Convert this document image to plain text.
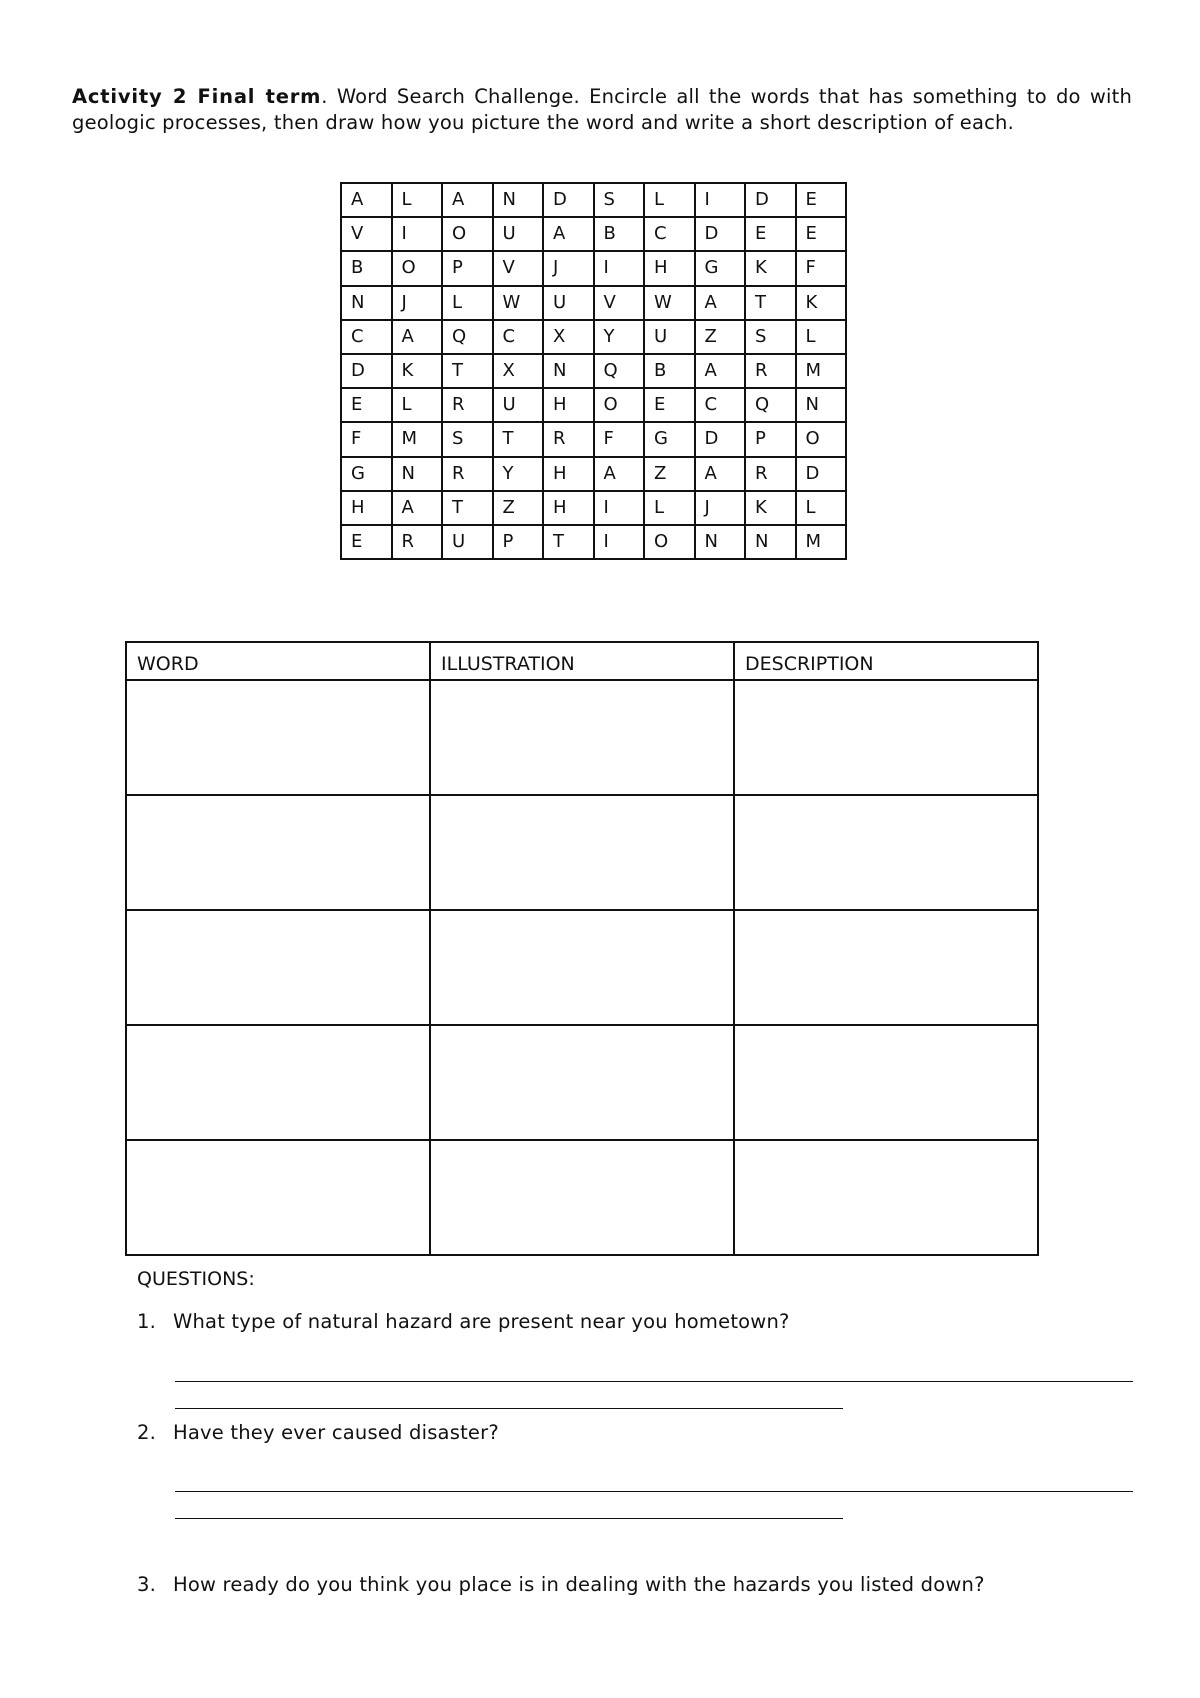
Activity 2 Final term. Word Search Challenge. Encircle all the words that has something to do with geologic processes, then draw how you picture the word and write a short description of each.

A	L	A	N	D	S	L	I	D	E
V	I	O	U	A	B	C	D	E	E
B	O	P	V	J	I	H	G	K	F
N	J	L	W	U	V	W	A	T	K
C	A	Q	C	X	Y	U	Z	S	L
D	K	T	X	N	Q	B	A	R	M
E	L	R	U	H	O	E	C	Q	N
F	M	S	T	R	F	G	D	P	O
G	N	R	Y	H	A	Z	A	R	D
H	A	T	Z	H	I	L	J	K	L
E	R	U	P	T	I	O	N	N	M
WORD	ILLUSTRATION	DESCRIPTION

QUESTIONS:
1. What type of natural hazard are present near you hometown?
2. Have they ever caused disaster?
3. How ready do you think you place is in dealing with the hazards you listed down?
